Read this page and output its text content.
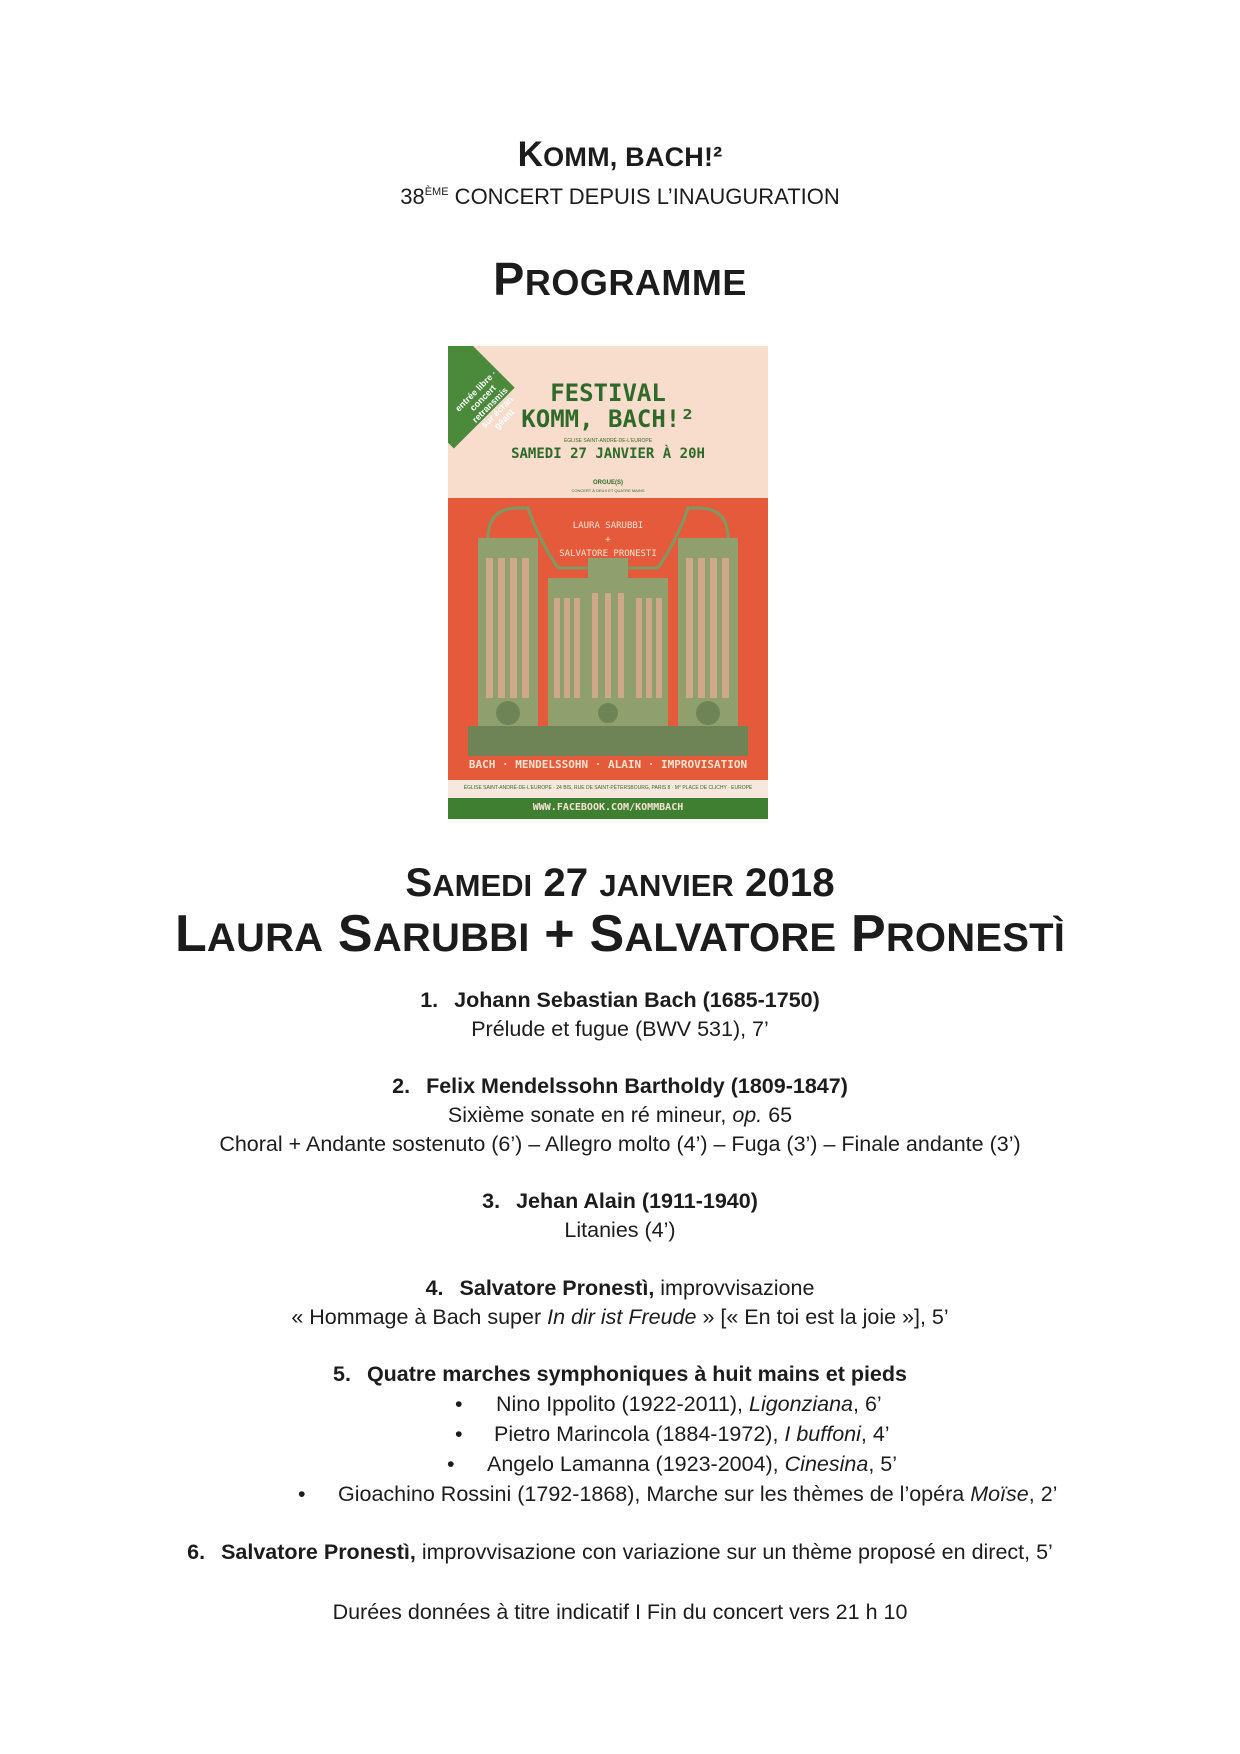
KOMM, BACH!²
38ÈME CONCERT DEPUIS L’INAUGURATION
PROGRAMME
entrée libre · concert retransmis sur écran géant
FESTIVAL
KOMM, BACH!²
ÉGLISE SAINT-ANDRÉ-DE-L’EUROPE
SAMEDI 27 JANVIER À 20H
ORGUE(S)
CONCERT À DEUX ET QUATRE MAINS
LAURA SARUBBI
+
SALVATORE PRONESTI
BACH · MENDELSSOHN · ALAIN · IMPROVISATION
ÉGLISE SAINT-ANDRÉ-DE-L’EUROPE · 24 BIS, RUE DE SAINT-PÉTERSBOURG, PARIS 8 · M° PLACE DE CLICHY · EUROPE
WWW.FACEBOOK.COM/KOMMBACH
SAMEDI 27 JANVIER 2018
LAURA SARUBBI + SALVATORE PRONESTÌ
1. Johann Sebastian Bach (1685-1750)
Prélude et fugue (BWV 531), 7’
2. Felix Mendelssohn Bartholdy (1809-1847)
Sixième sonate en ré mineur, op. 65
Choral + Andante sostenuto (6’) – Allegro molto (4’) – Fuga (3’) – Finale andante (3’)
3. Jehan Alain (1911-1940)
Litanies (4’)
4. Salvatore Pronestì, improvvisazione
« Hommage à Bach super In dir ist Freude » [« En toi est la joie »], 5’
5. Quatre marches symphoniques à huit mains et pieds
• Nino Ippolito (1922-2011), Ligonziana, 6’
• Pietro Marincola (1884-1972), I buffoni, 4’
• Angelo Lamanna (1923-2004), Cinesina, 5’
• Gioachino Rossini (1792-1868), Marche sur les thèmes de l’opéra Moïse, 2’
6. Salvatore Pronestì, improvvisazione con variazione sur un thème proposé en direct, 5’
Durées données à titre indicatif I Fin du concert vers 21 h 10
